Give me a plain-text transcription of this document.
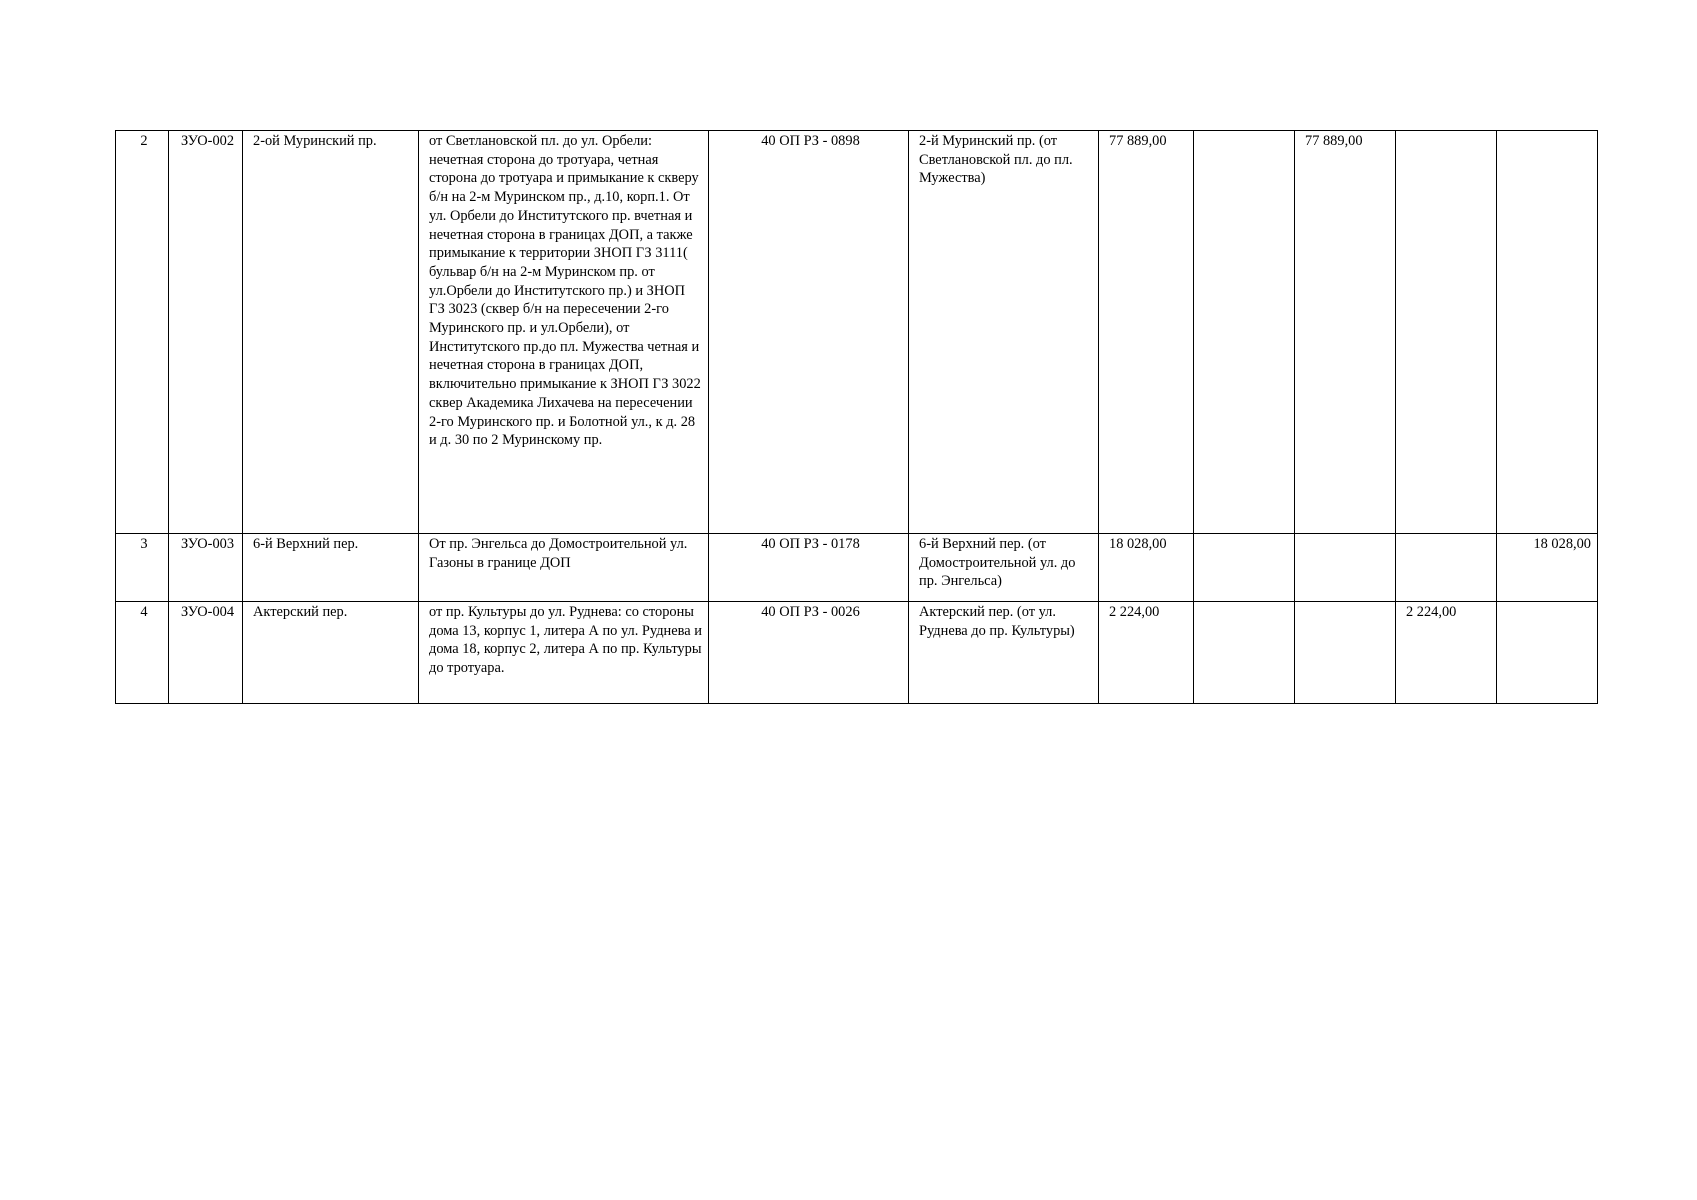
2	ЗУО-002	2-ой Муринский пр.	от Светлановской пл. до ул. Орбели: нечетная сторона до тротуара, четная сторона до тротуара и примыкание к скверу б/н на 2-м Муринском пр., д.10, корп.1. От ул. Орбели до Институтского пр. вчетная и нечетная сторона в границах ДОП, а также примыкание к территории ЗНОП ГЗ 3111( бульвар б/н на 2-м Муринском пр. от ул.Орбели до Институтского пр.) и ЗНОП ГЗ 3023 (сквер б/н на пересечении 2-го Муринского пр. и ул.Орбели), от Институтского пр.до пл. Мужества четная и нечетная сторона в границах ДОП, включительно примыкание к ЗНОП ГЗ 3022 сквер Академика Лихачева на пересечении 2-го Муринского пр. и Болотной ул., к д. 28 и д. 30 по 2 Муринскому пр.	40 ОП РЗ - 0898	2-й Муринский пр. (от Светлановской пл. до пл. Мужества)	77 889,00		77 889,00		
3	ЗУО-003	6-й Верхний пер.	От пр. Энгельса до Домостроительной ул. Газоны в границе ДОП	40 ОП РЗ - 0178	6-й Верхний пер. (от Домостроительной ул. до пр. Энгельса)	18 028,00				18 028,00
4	ЗУО-004	Актерский пер.	от пр. Культуры до ул. Руднева: со стороны дома 13, корпус 1, литера А по ул. Руднева и дома 18, корпус 2, литера А по пр. Культуры до тротуара.	40 ОП РЗ - 0026	Актерский пер. (от ул. Руднева до пр. Культуры)	2 224,00			2 224,00	
